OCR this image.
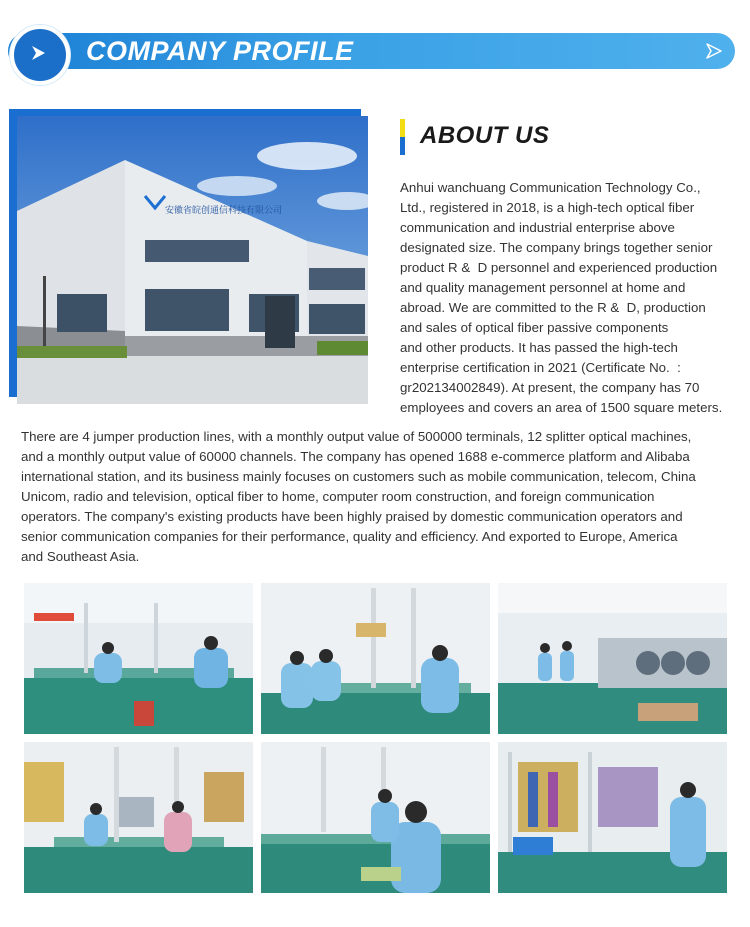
COMPANY PROFILE
安徽省皖创通信科技有限公司
ABOUT US
Anhui wanchuang Communication Technology Co.,
Ltd., registered in 2018, is a high-tech optical fiber
communication and industrial enterprise above
designated size. The company brings together senior
product R &  D personnel and experienced production
and quality management personnel at home and
abroad. We are committed to the R &  D, production
and sales of optical fiber passive components
and other products. It has passed the high-tech
enterprise certification in 2021 (Certificate No.  :
gr202134002849). At present, the company has 70
employees and covers an area of 1500 square meters.
There are 4 jumper production lines, with a monthly output value of 500000 terminals, 12 splitter optical machines,
and a monthly output value of 60000 channels. The company has opened 1688 e-commerce platform and Alibaba
international station, and its business mainly focuses on customers such as mobile communication, telecom, China
Unicom, radio and television, optical fiber to home, computer room construction, and foreign communication
operators. The company's existing products have been highly praised by domestic communication operators and
senior communication companies for their performance, quality and efficiency. And exported to Europe, America
and Southeast Asia.
